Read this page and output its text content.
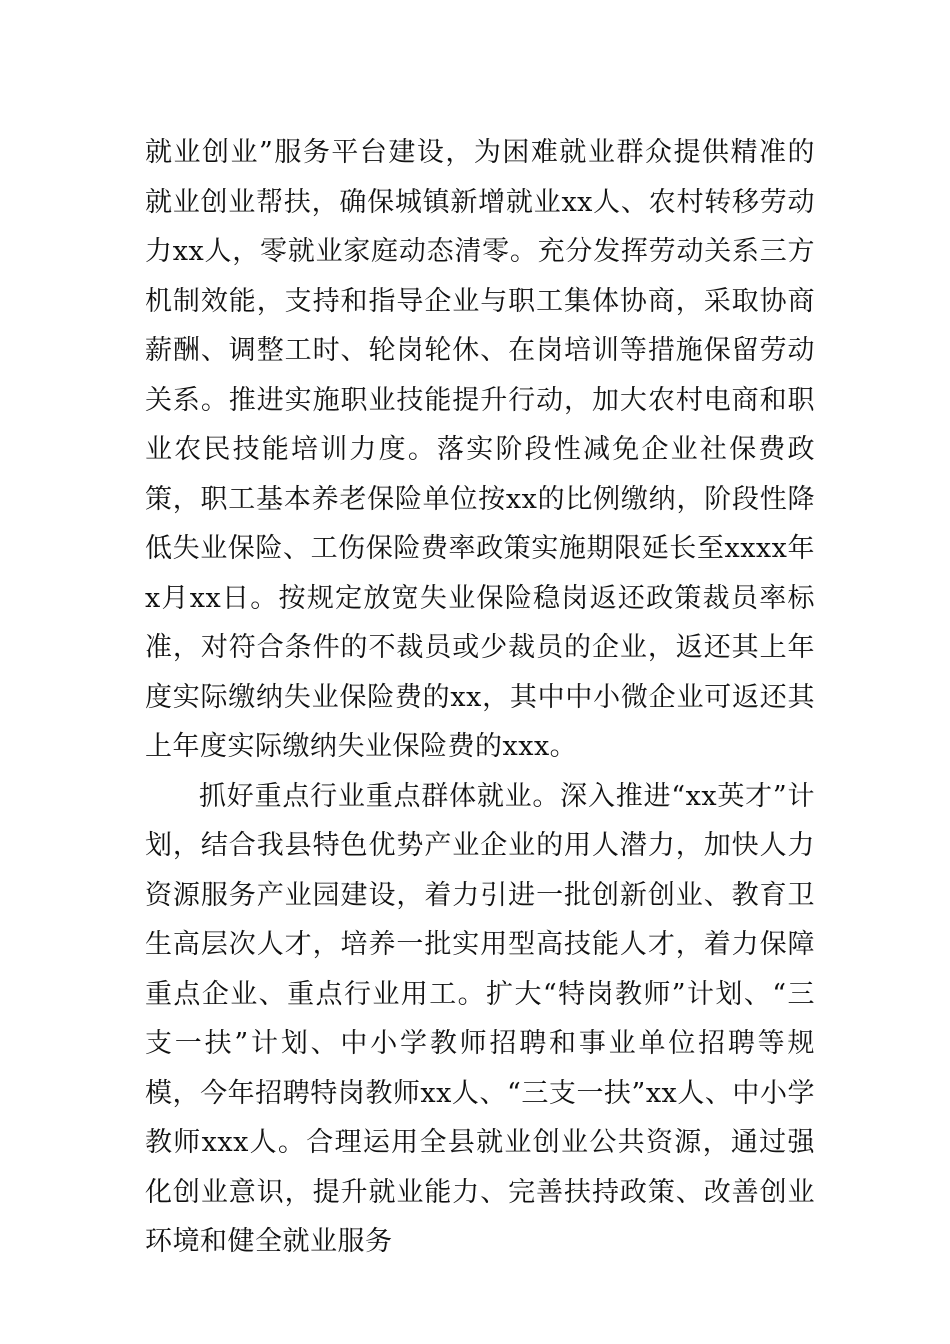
就业创业”服务平台建设，为困难就业群众提供精准的就业创业帮扶，确保城镇新增就业xx人、农村转移劳动力xx人，零就业家庭动态清零。充分发挥劳动关系三方机制效能，支持和指导企业与职工集体协商，采取协商薪酬、调整工时、轮岗轮休、在岗培训等措施保留劳动关系。推进实施职业技能提升行动，加大农村电商和职业农民技能培训力度。落实阶段性减免企业社保费政策，职工基本养老保险单位按xx的比例缴纳，阶段性降低失业保险、工伤保险费率政策实施期限延长至xxxx年x月xx日。按规定放宽失业保险稳岗返还政策裁员率标准，对符合条件的不裁员或少裁员的企业，返还其上年度实际缴纳失业保险费的xx，其中中小微企业可返还其上年度实际缴纳失业保险费的xxx。

抓好重点行业重点群体就业。深入推进“xx英才”计划，结合我县特色优势产业企业的用人潜力，加快人力资源服务产业园建设，着力引进一批创新创业、教育卫生高层次人才，培养一批实用型高技能人才，着力保障重点企业、重点行业用工。扩大“特岗教师”计划、“三支一扶”计划、中小学教师招聘和事业单位招聘等规模，今年招聘特岗教师xx人、“三支一扶”xx人、中小学教师xxx人。合理运用全县就业创业公共资源，通过强化创业意识，提升就业能力、完善扶持政策、改善创业环境和健全就业服务
